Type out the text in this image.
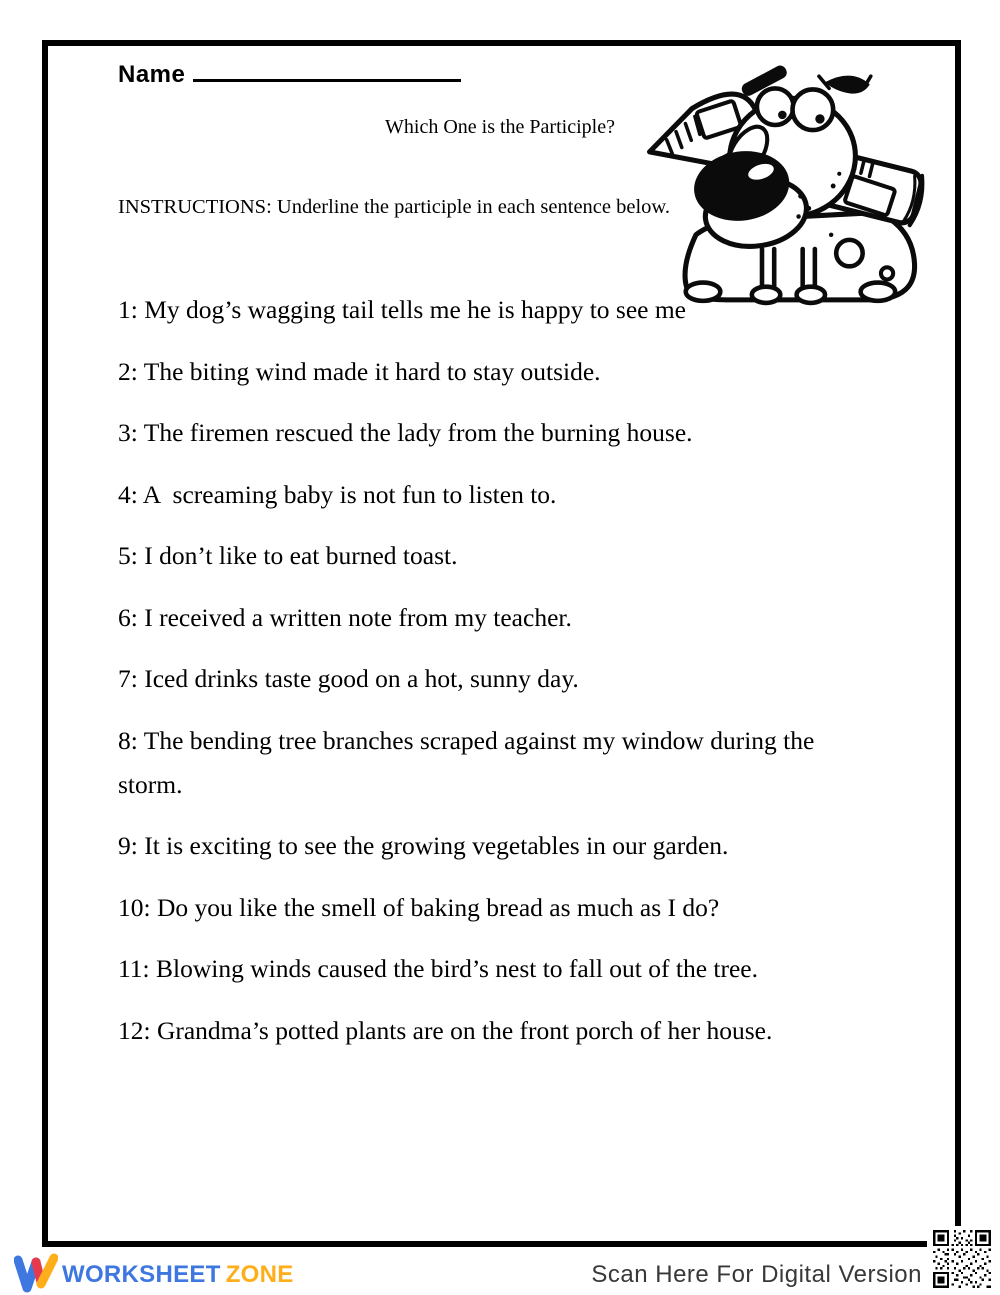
Name
Which One is the Participle?
INSTRUCTIONS: Underline the participle in each sentence below.

1: My dog’s wagging tail tells me he is happy to see me

2: The biting wind made it hard to stay outside.

3: The firemen rescued the lady from the burning house.

4: A  screaming baby is not fun to listen to.

5: I don’t like to eat burned toast.

6: I received a written note from my teacher.

7: Iced drinks taste good on a hot, sunny day.

8: The bending tree branches scraped against my window during the storm.

9: It is exciting to see the growing vegetables in our garden.

10: Do you like the smell of baking bread as much as I do?

11: Blowing winds caused the bird’s nest to fall out of the tree.

12: Grandma’s potted plants are on the front porch of her house.

WORKSHEET ZONE	Scan Here For Digital Version
